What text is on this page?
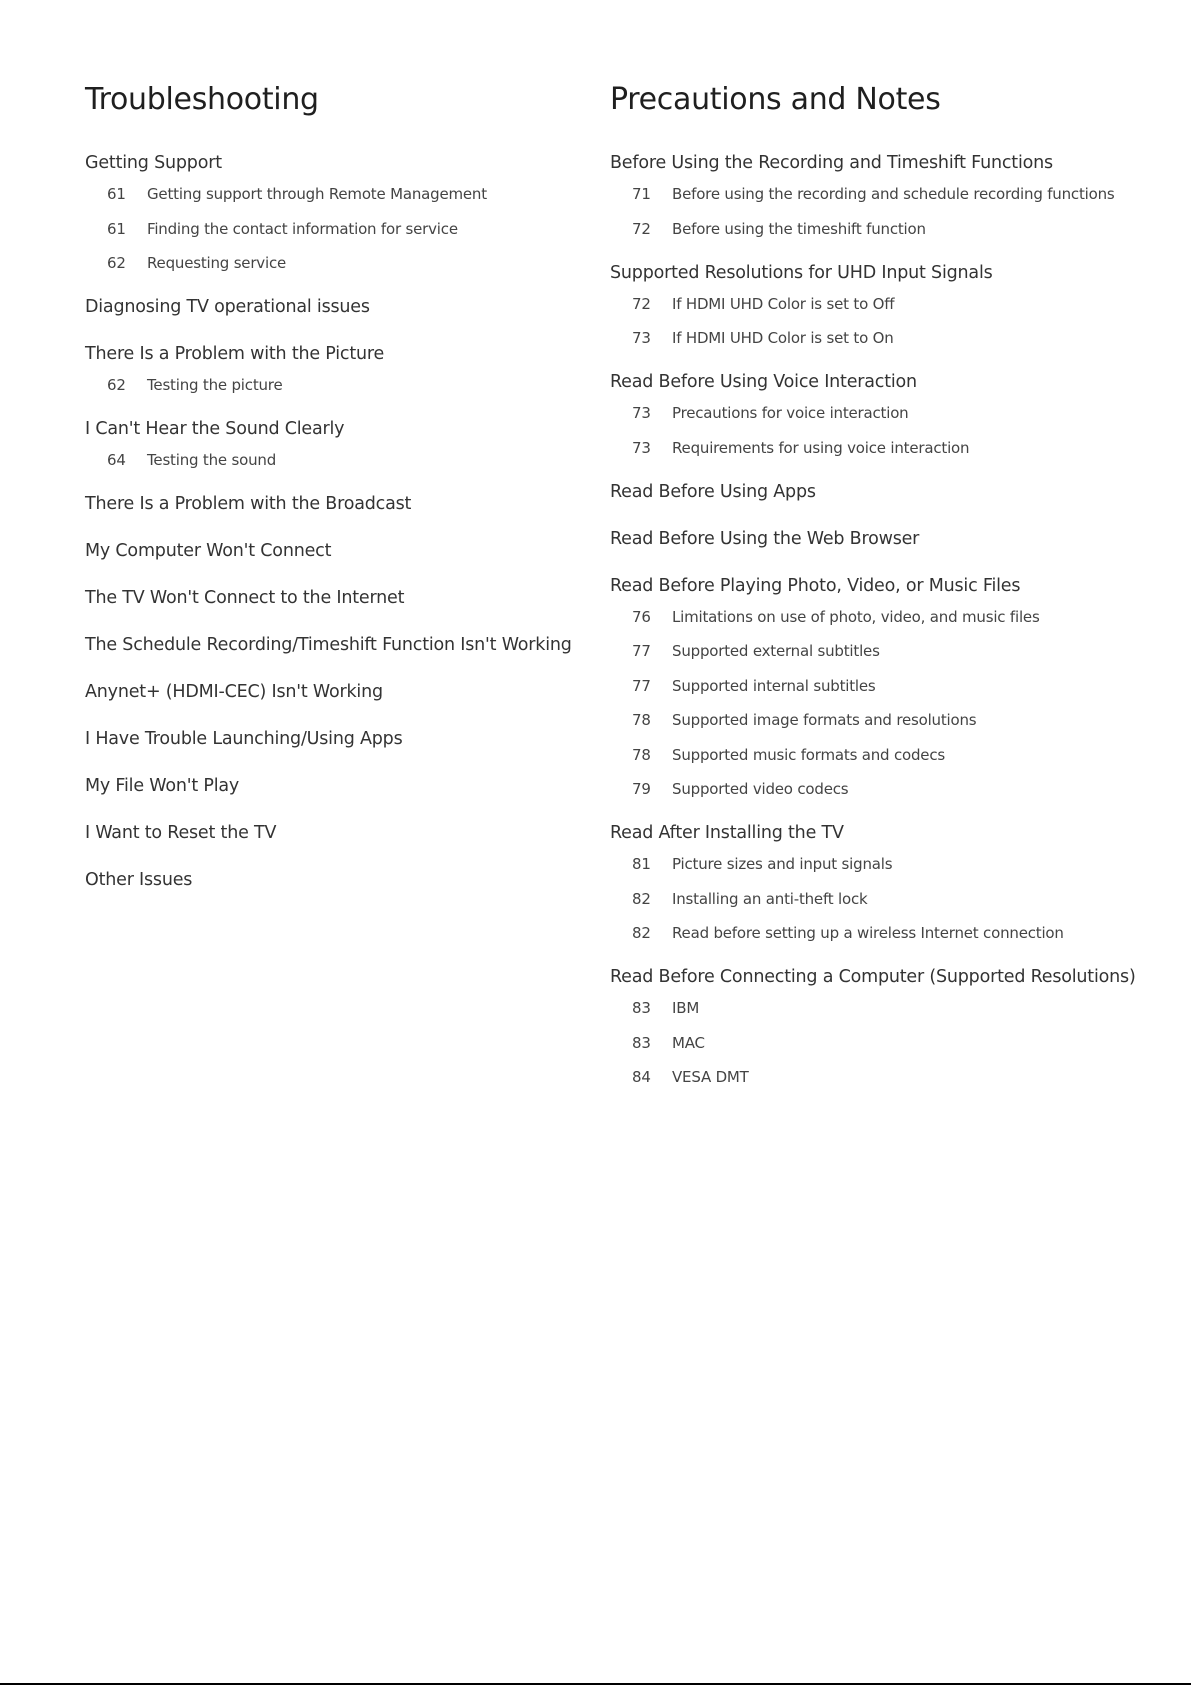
Troubleshooting
Getting Support
61 Getting support through Remote Management
61 Finding the contact information for service
62 Requesting service
Diagnosing TV operational issues
There Is a Problem with the Picture
62 Testing the picture
I Can't Hear the Sound Clearly
64 Testing the sound
There Is a Problem with the Broadcast
My Computer Won't Connect
The TV Won't Connect to the Internet
The Schedule Recording/Timeshift Function Isn't Working
Anynet+ (HDMI-CEC) Isn't Working
I Have Trouble Launching/Using Apps
My File Won't Play
I Want to Reset the TV
Other Issues
Precautions and Notes
Before Using the Recording and Timeshift Functions
71 Before using the recording and schedule recording functions
72 Before using the timeshift function
Supported Resolutions for UHD Input Signals
72 If HDMI UHD Color is set to Off
73 If HDMI UHD Color is set to On
Read Before Using Voice Interaction
73 Precautions for voice interaction
73 Requirements for using voice interaction
Read Before Using Apps
Read Before Using the Web Browser
Read Before Playing Photo, Video, or Music Files
76 Limitations on use of photo, video, and music files
77 Supported external subtitles
77 Supported internal subtitles
78 Supported image formats and resolutions
78 Supported music formats and codecs
79 Supported video codecs
Read After Installing the TV
81 Picture sizes and input signals
82 Installing an anti-theft lock
82 Read before setting up a wireless Internet connection
Read Before Connecting a Computer (Supported Resolutions)
83 IBM
83 MAC
84 VESA DMT
